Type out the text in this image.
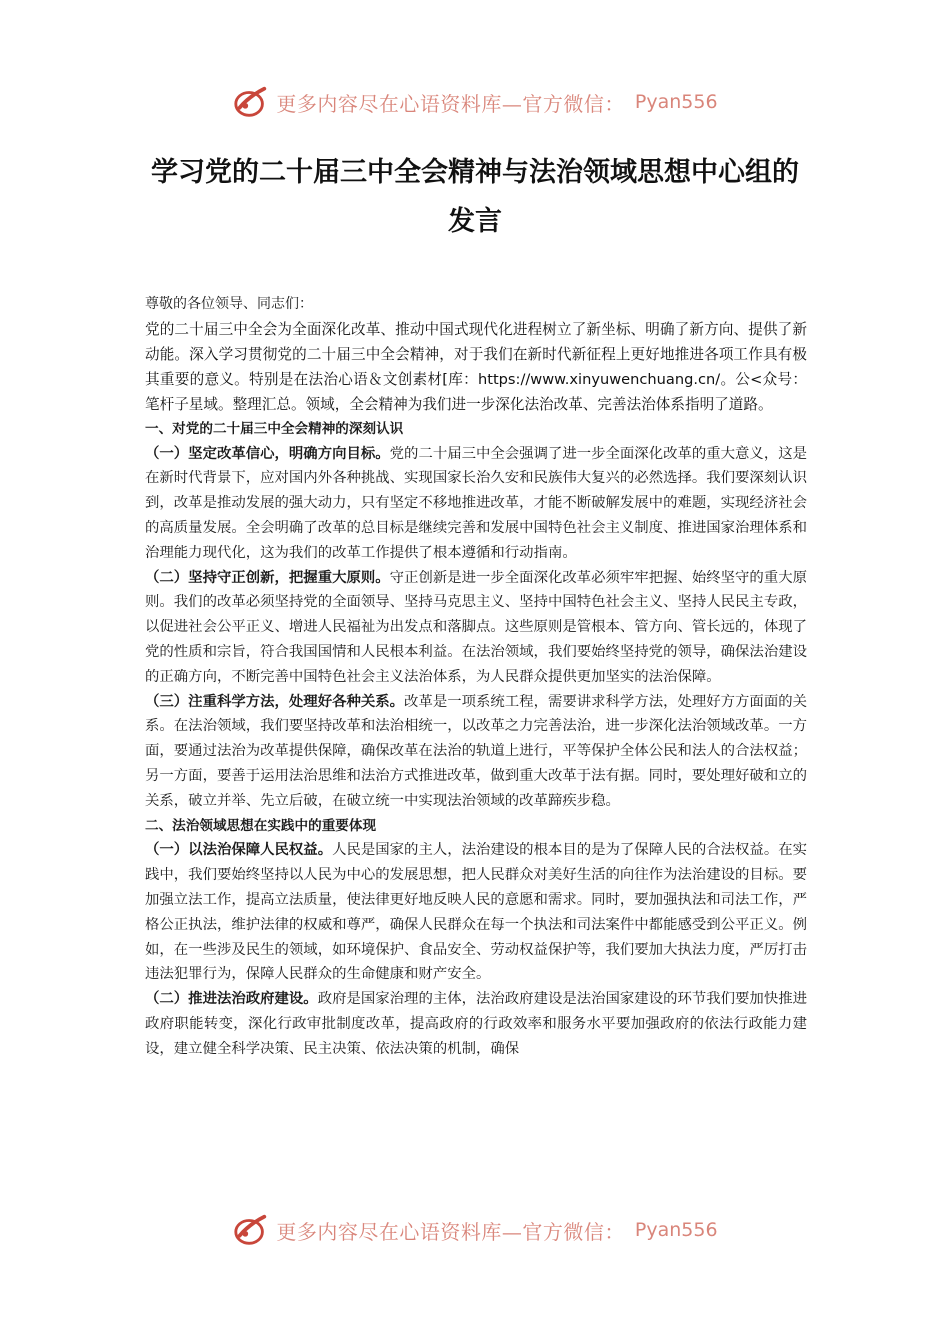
更多内容尽在心语资料库—官方微信： Pyan556
学习党的二十届三中全会精神与法治领域思想中心组的发言

尊敬的各位领导、同志们：

党的二十届三中全会为全面深化改革、推动中国式现代化进程树立了新坐标、明确了新方向、提供了新动能。深入学习贯彻党的二十届三中全会精神，对于我们在新时代新征程上更好地推进各项工作具有极其重要的意义。特别是在法治心语＆文创素材[库：https://www.xinyuwenchuang.cn/。公<众号：笔杆子星域。整理汇总。领域，全会精神为我们进一步深化法治改革、完善法治体系指明了道路。

一、对党的二十届三中全会精神的深刻认识

（一）坚定改革信心，明确方向目标。党的二十届三中全会强调了进一步全面深化改革的重大意义，这是在新时代背景下，应对国内外各种挑战、实现国家长治久安和民族伟大复兴的必然选择。我们要深刻认识到，改革是推动发展的强大动力，只有坚定不移地推进改革，才能不断破解发展中的难题，实现经济社会的高质量发展。全会明确了改革的总目标是继续完善和发展中国特色社会主义制度、推进国家治理体系和治理能力现代化，这为我们的改革工作提供了根本遵循和行动指南。

（二）坚持守正创新，把握重大原则。守正创新是进一步全面深化改革必须牢牢把握、始终坚守的重大原则。我们的改革必须坚持党的全面领导、坚持马克思主义、坚持中国特色社会主义、坚持人民民主专政，以促进社会公平正义、增进人民福祉为出发点和落脚点。这些原则是管根本、管方向、管长远的，体现了党的性质和宗旨，符合我国国情和人民根本利益。在法治领域，我们要始终坚持党的领导，确保法治建设的正确方向，不断完善中国特色社会主义法治体系，为人民群众提供更加坚实的法治保障。

（三）注重科学方法，处理好各种关系。改革是一项系统工程，需要讲求科学方法，处理好方方面面的关系。在法治领域，我们要坚持改革和法治相统一，以改革之力完善法治，进一步深化法治领域改革。一方面，要通过法治为改革提供保障，确保改革在法治的轨道上进行，平等保护全体公民和法人的合法权益；另一方面，要善于运用法治思维和法治方式推进改革，做到重大改革于法有据。同时，要处理好破和立的关系，破立并举、先立后破，在破立统一中实现法治领域的改革蹄疾步稳。

二、法治领域思想在实践中的重要体现

（一）以法治保障人民权益。人民是国家的主人，法治建设的根本目的是为了保障人民的合法权益。在实践中，我们要始终坚持以人民为中心的发展思想，把人民群众对美好生活的向往作为法治建设的目标。要加强立法工作，提高立法质量，使法律更好地反映人民的意愿和需求。同时，要加强执法和司法工作，严格公正执法，维护法律的权威和尊严，确保人民群众在每一个执法和司法案件中都能感受到公平正义。例如，在一些涉及民生的领域，如环境保护、食品安全、劳动权益保护等，我们要加大执法力度，严厉打击违法犯罪行为，保障人民群众的生命健康和财产安全。

（二）推进法治政府建设。政府是国家治理的主体，法治政府建设是法治国家建设的环节我们要加快推进政府职能转变，深化行政审批制度改革，提高政府的行政效率和服务水平要加强政府的依法行政能力建设，建立健全科学决策、民主决策、依法决策的机制，确保

更多内容尽在心语资料库—官方微信： Pyan556
